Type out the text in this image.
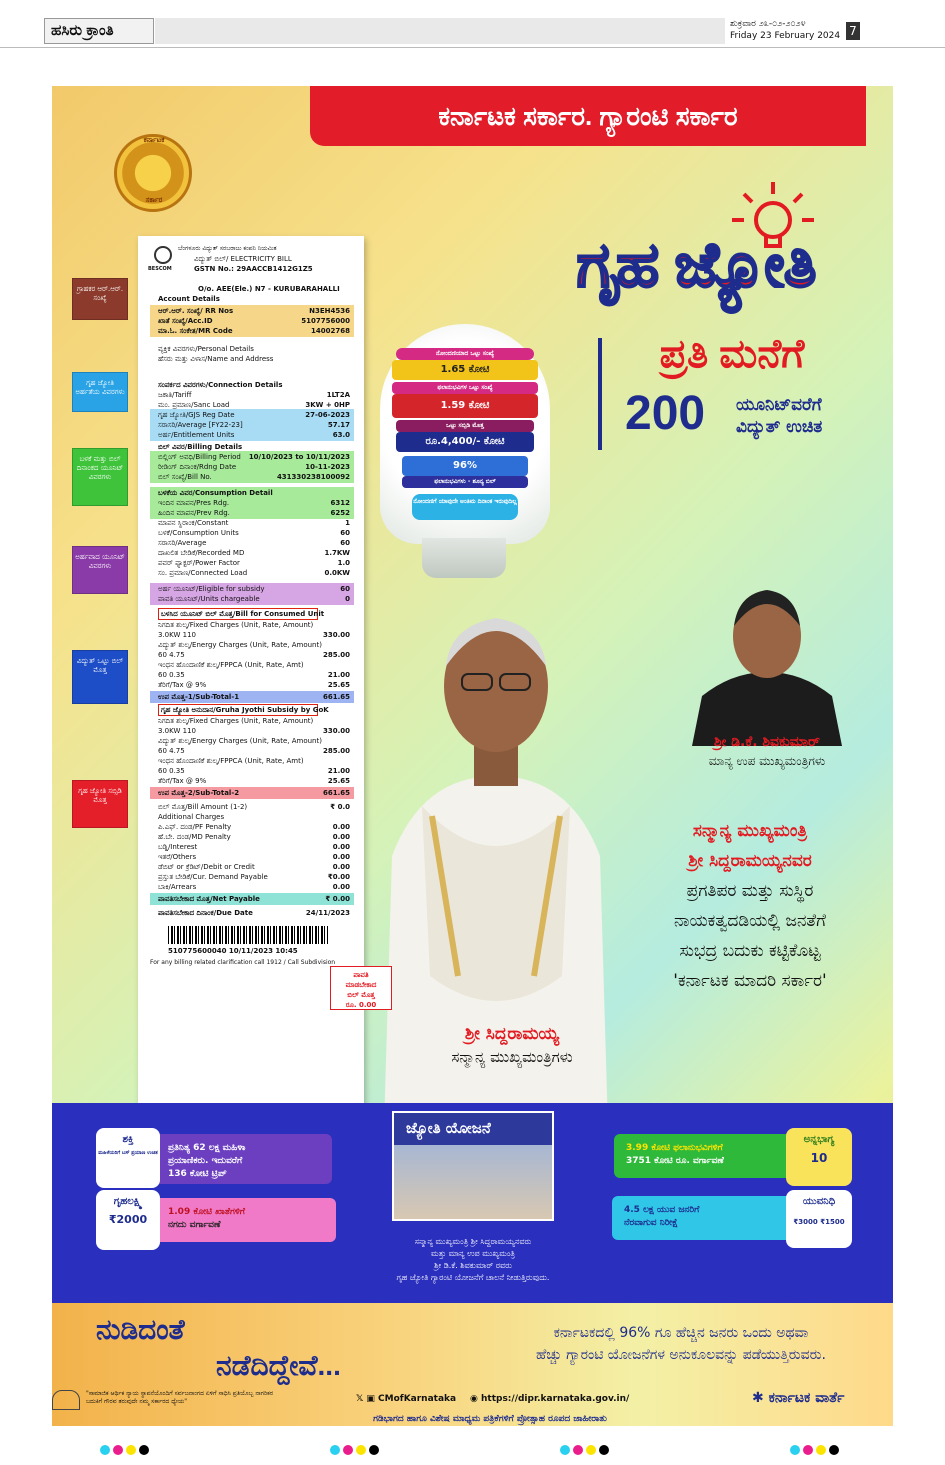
ಹಸಿರು ಕ್ರಾಂತಿ	ಶುಕ್ರವಾರ ೨೩-೦೨-೨೦೨೪
Friday 23 February 2024 7
ಕರ್ನಾಟಕ ಸರ್ಕಾರ. ಗ್ಯಾರಂಟಿ ಸರ್ಕಾರ
ಕರ್ನಾಟಕ
ಸರ್ಕಾರ
BESCOM
ಬೆಂಗಳೂರು ವಿದ್ಯುತ್ ಸರಬರಾಜು ಕಂಪನಿ ನಿಯಮಿತ
ವಿದ್ಯುತ್ ಬಿಲ್/ ELECTRICITY BILL
GSTN No.: 29AACCB1412G1Z5
O/o. AEE(Ele.) N7 - KURUBARAHALLI
Account Details
ಆರ್.ಆರ್. ಸಂಖ್ಯೆ/ RR Nos	N3EH4536
ಖಾತೆ ಸಂಖ್ಯೆ/Acc.ID	5107756000
ಮಾ.ಓ. ಸಂಕೇತ/MR Code	14002768
ವ್ಯಕ್ತಿಕ ವಿವರಗಳು/Personal Details
ಹೆಸರು ಮತ್ತು ವಿಳಾಸ/Name and Address
ಸಂಪರ್ಕದ ವಿವರಗಳು/Connection Details
ಜಕಾತಿ/Tariff	1LT2A
ಮಂ. ಪ್ರಮಾಣ/Sanc Load	3KW + 0HP
ಗೃಹ ಜ್ಯೋತಿ/GJS Reg Date	27-06-2023
ಸರಾಸರಿ/Average [FY22-23]	57.17
ಅರ್ಹ/Entitlement Units	63.0
ಬಿಲ್ ವಿವರ/Billing Details
ಬಿಲ್ಲಿಂಗ್ ಅವಧಿ/Billing Period	10/10/2023 to 10/11/2023
ರೀಡಿಂಗ್ ದಿನಾಂಕ/Rdng Date	10-11-2023
ಬಿಲ್ ಸಂಖ್ಯೆ/Bill No.	431330238100092
ಬಳಕೆಯ ವಿವರ/Consumption Detail
ಇಂದಿನ ಮಾಪನ/Pres Rdg.	6312
ಹಿಂದಿನ ಮಾಪನ/Prev Rdg.	6252
ಮಾಪನ ಸ್ಥಿರಾಂಕ/Constant	1
ಬಳಕೆ/Consumption Units	60
ಸರಾಸರಿ/Average	60
ದಾಖಲಿತ ಬೇಡಿಕೆ/Recorded MD	1.7KW
ಪವರ್ ಫ್ಯಾಕ್ಟರ್/Power Factor	1.0
ಸಂ. ಪ್ರಮಾಣ/Connected Load	0.0KW
ಅರ್ಹ ಯೂನಿಟ್/Eligible for subsidy	60
ಪಾವತಿ ಯೂನಿಟ್/Units chargeable	0
ಬಳಸಿದ ಯೂನಿಟ್ ಬಿಲ್ ಮೊತ್ತ/Bill for Consumed Unit
ನಿಗದಿತ ಶುಲ್ಕ/Fixed Charges (Unit, Rate, Amount)
3.0KW 110	330.00
ವಿದ್ಯುತ್ ಶುಲ್ಕ/Energy Charges (Unit, Rate, Amount)
60 4.75	285.00
ಇಂಧನ ಹೊಂದಾಣಿಕೆ ಶುಲ್ಕ/FPPCA (Unit, Rate, Amt)
60 0.35	21.00
ತೆರಿಗೆ/Tax @ 9%	25.65
ಉಪ ಮೊತ್ತ-1/Sub-Total-1	661.65
ಗೃಹ ಜ್ಯೋತಿ ಅನುದಾನ/Gruha Jyothi Subsidy by GoK
ನಿಗದಿತ ಶುಲ್ಕ/Fixed Charges (Unit, Rate, Amount)
3.0KW 110	330.00
ವಿದ್ಯುತ್ ಶುಲ್ಕ/Energy Charges (Unit, Rate, Amount)
60 4.75	285.00
ಇಂಧನ ಹೊಂದಾಣಿಕೆ ಶುಲ್ಕ/FPPCA (Unit, Rate, Amt)
60 0.35	21.00
ತೆರಿಗೆ/Tax @ 9%	25.65
ಉಪ ಮೊತ್ತ-2/Sub-Total-2	661.65
ಬಿಲ್ ಮೊತ್ತ/Bill Amount (1-2)	₹ 0.0
Additional Charges
ಪಿ.ಎಫ್. ದಂಡ/PF Penalty	0.00
ಹೆ.ಬೇ. ದಂಡ/MD Penalty	0.00
ಬಡ್ಡಿ/Interest	0.00
ಇತರೆ/Others	0.00
ಡೆಬಿಟ್ or ಕ್ರೆಡಿಟ್/Debit or Credit	0.00
ಪ್ರಸ್ತುತ ಬೇಡಿಕೆ/Cur. Demand Payable	₹0.00
ಬಾಕಿ/Arrears	0.00
ಪಾವತಿಸಬೇಕಾದ ಮೊತ್ತ/Net Payable	₹ 0.00
ಪಾವತಿಸಬೇಕಾದ ದಿನಾಂಕ/Due Date	24/11/2023
510775600040 10/11/2023 10:45
For any billing related clarification call 1912 / Call Subdivision
ನೋಂದಣಿಯಾದ ಒಟ್ಟು ಸಂಖ್ಯೆ
1.65 ಕೋಟಿ
ಫಲಾನುಭವಿಗಳ ಒಟ್ಟು ಸಂಖ್ಯೆ
1.59 ಕೋಟಿ
ಒಟ್ಟು ಸಬ್ಸಿಡಿ ಮೊತ್ತ
ರೂ.4,400/- ಕೋಟಿ
96%
ಫಲಾನುಭವಿಗಳು - ಶೂನ್ಯ ಬಿಲ್
ನೋಂದಣಿಗೆ ಯಾವುದೇ ಅಂತಿಮ ದಿನಾಂಕ ಇರುವುದಿಲ್ಲ
ಗೃಹ ಜ್ಯೋತಿ
ಪ್ರತಿ ಮನೆಗೆ
200	ಯೂನಿಟ್‌ವರೆಗೆ
ವಿದ್ಯುತ್ ಉಚಿತ
ಶ್ರೀ ಡಿ.ಕೆ. ಶಿವಕುಮಾರ್
ಮಾನ್ಯ ಉಪ ಮುಖ್ಯಮಂತ್ರಿಗಳು
ಶ್ರೀ ಸಿದ್ದರಾಮಯ್ಯ
ಸನ್ಮಾನ್ಯ ಮುಖ್ಯಮಂತ್ರಿಗಳು
ಸನ್ಮಾನ್ಯ ಮುಖ್ಯಮಂತ್ರಿ
ಶ್ರೀ ಸಿದ್ದರಾಮಯ್ಯನವರ
ಪ್ರಗತಿಪರ ಮತ್ತು ಸುಸ್ಥಿರ
ನಾಯಕತ್ವದಡಿಯಲ್ಲಿ ಜನತೆಗೆ
ಸುಭದ್ರ ಬದುಕು ಕಟ್ಟಿಕೊಟ್ಟ
'ಕರ್ನಾಟಕ ಮಾದರಿ ಸರ್ಕಾರ'
ಪಾವತಿ
ಮಾಡಬೇಕಾದ
ಬಿಲ್ ಮೊತ್ತ
ರೂ. 0.00
ಪ್ರತಿನಿತ್ಯ 62 ಲಕ್ಷ ಮಹಿಳಾ
ಪ್ರಯಾಣಿಕರು. ಇದುವರೆಗೆ
136 ಕೋಟಿ ಟ್ರಿಪ್
ಶಕ್ತಿ
ಮಹಿಳೆಯರಿಗೆ ಬಸ್ ಪ್ರಯಾಣ ಉಚಿತ
1.09 ಕೋಟಿ ಖಾತೆಗಳಿಗೆ
ನಗದು ವರ್ಗಾವಣೆ
ಗೃಹಲಕ್ಷ್ಮಿ
₹2000
ಜ್ಯೋತಿ ಯೋಜನೆ
ಸನ್ಮಾನ್ಯ ಮುಖ್ಯಮಂತ್ರಿ ಶ್ರೀ ಸಿದ್ದರಾಮಯ್ಯನವರು
ಮತ್ತು ಮಾನ್ಯ ಉಪ ಮುಖ್ಯಮಂತ್ರಿ
ಶ್ರೀ ಡಿ.ಕೆ. ಶಿವಕುಮಾರ್ ರವರು
ಗೃಹ ಜ್ಯೋತಿ ಗ್ಯಾರಂಟಿ ಯೋಜನೆಗೆ ಚಾಲನೆ ನೀಡುತ್ತಿರುವುದು.
3.99 ಕೋಟಿ ಫಲಾನುಭವಿಗಳಿಗೆ
3751 ಕೋಟಿ ರೂ. ವರ್ಗಾವಣೆ
ಅನ್ನಭಾಗ್ಯ
10
4.5 ಲಕ್ಷ ಯುವ ಜನರಿಗೆ
ನೆರವಾಗುವ ನಿರೀಕ್ಷೆ
ಯುವನಿಧಿ
₹3000 ₹1500
ನುಡಿದಂತೆ
ನಡೆದಿದ್ದೇವೆ...
ಕರ್ನಾಟಕದಲ್ಲಿ 96% ಗೂ ಹೆಚ್ಚಿನ ಜನರು ಒಂದು ಅಥವಾ
ಹೆಚ್ಚು ಗ್ಯಾರಂಟಿ ಯೋಜನೆಗಳ ಅನುಕೂಲವನ್ನು ಪಡೆಯುತ್ತಿರುವರು.
ಗ್ರಾಹಕರ ಆರ್.ಆರ್. ಸಂಖ್ಯೆ
ಗೃಹ ಜ್ಯೋತಿ ಅರ್ಹತೆಯ ವಿವರಗಳು
ಬಳಕೆ ಮತ್ತು ಬಿಲ್ ದಿನಾಂಕದ ಯೂನಿಟ್ ವಿವರಗಳು
ಅರ್ಹವಾದ ಯೂನಿಟ್ ವಿವರಗಳು
ವಿದ್ಯುತ್ ಒಟ್ಟು ಬಿಲ್ ಮೊತ್ತ
ಗೃಹ ಜ್ಯೋತಿ ಸಬ್ಸಿಡಿ ಮೊತ್ತ
"ಸಾಮಾಜಿಕ ಆರ್ಥಿಕ ನ್ಯಾಯ ಸ್ಥಾಪನೆಯೊಂದಿಗೆ ಸರ್ವಜನಾಂಗದ ಏಳಿಗೆ ಸಾಧಿಸಿ ಪ್ರತಿಯೊಬ್ಬ ನಾಗರಿಕರ ಬದುಕಿಗೆ ಗೌರವ ತರುವುದೇ ನಮ್ಮ ಸರ್ಕಾರದ ಧ್ಯೇಯ"	𝕏 ▣ CMofKarnataka ◉ https://dipr.karnataka.gov.in/	✱ ಕರ್ನಾಟಕ ವಾರ್ತೆ
ಗಡಿಭಾಗದ ಹಾಗೂ ವಿಶೇಷ ಮಾಧ್ಯಮ ಪತ್ರಿಕೆಗಳಿಗೆ ಪ್ರೋತ್ಸಾಹ ರೂಪದ ಜಾಹೀರಾತು
